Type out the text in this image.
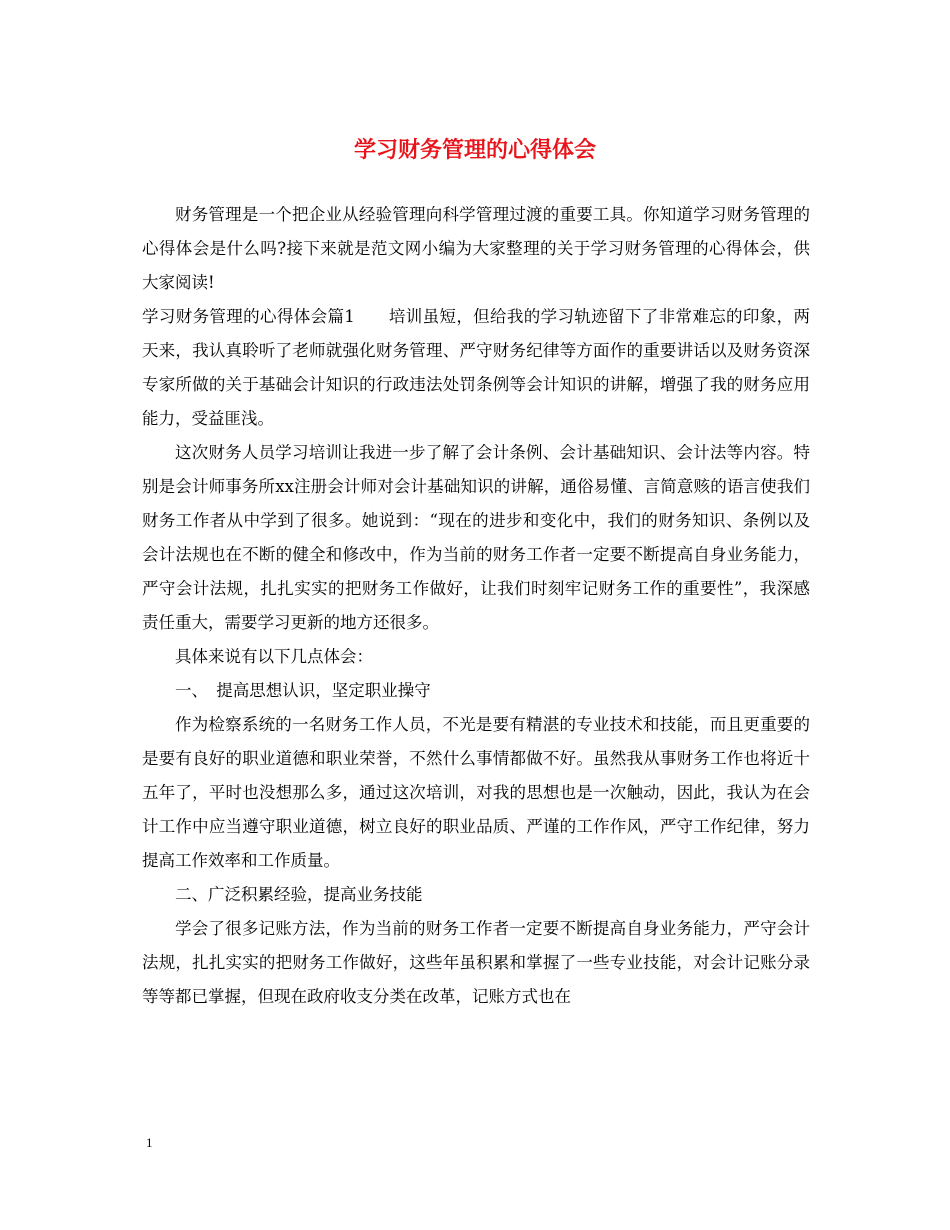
学习财务管理的心得体会

财务管理是一个把企业从经验管理向科学管理过渡的重要工具。你知道学习财务管理的心得体会是什么吗?接下来就是范文网小编为大家整理的关于学习财务管理的心得体会，供大家阅读!

学习财务管理的心得体会篇1　　培训虽短，但给我的学习轨迹留下了非常难忘的印象，两天来，我认真聆听了老师就强化财务管理、严守财务纪律等方面作的重要讲话以及财务资深专家所做的关于基础会计知识的行政违法处罚条例等会计知识的讲解，增强了我的财务应用能力，受益匪浅。

这次财务人员学习培训让我进一步了解了会计条例、会计基础知识、会计法等内容。特别是会计师事务所xx注册会计师对会计基础知识的讲解，通俗易懂、言简意赅的语言使我们财务工作者从中学到了很多。她说到：“现在的进步和变化中，我们的财务知识、条例以及会计法规也在不断的健全和修改中，作为当前的财务工作者一定要不断提高自身业务能力，严守会计法规，扎扎实实的把财务工作做好，让我们时刻牢记财务工作的重要性”，我深感责任重大，需要学习更新的地方还很多。

具体来说有以下几点体会：

一、　提高思想认识，坚定职业操守

作为检察系统的一名财务工作人员，不光是要有精湛的专业技术和技能，而且更重要的是要有良好的职业道德和职业荣誉，不然什么事情都做不好。虽然我从事财务工作也将近十五年了，平时也没想那么多，通过这次培训，对我的思想也是一次触动，因此，我认为在会计工作中应当遵守职业道德，树立良好的职业品质、严谨的工作作风，严守工作纪律，努力提高工作效率和工作质量。

二、广泛积累经验，提高业务技能

学会了很多记账方法，作为当前的财务工作者一定要不断提高自身业务能力，严守会计法规，扎扎实实的把财务工作做好，这些年虽积累和掌握了一些专业技能，对会计记账分录等等都已掌握，但现在政府收支分类在改革，记账方式也在

1
